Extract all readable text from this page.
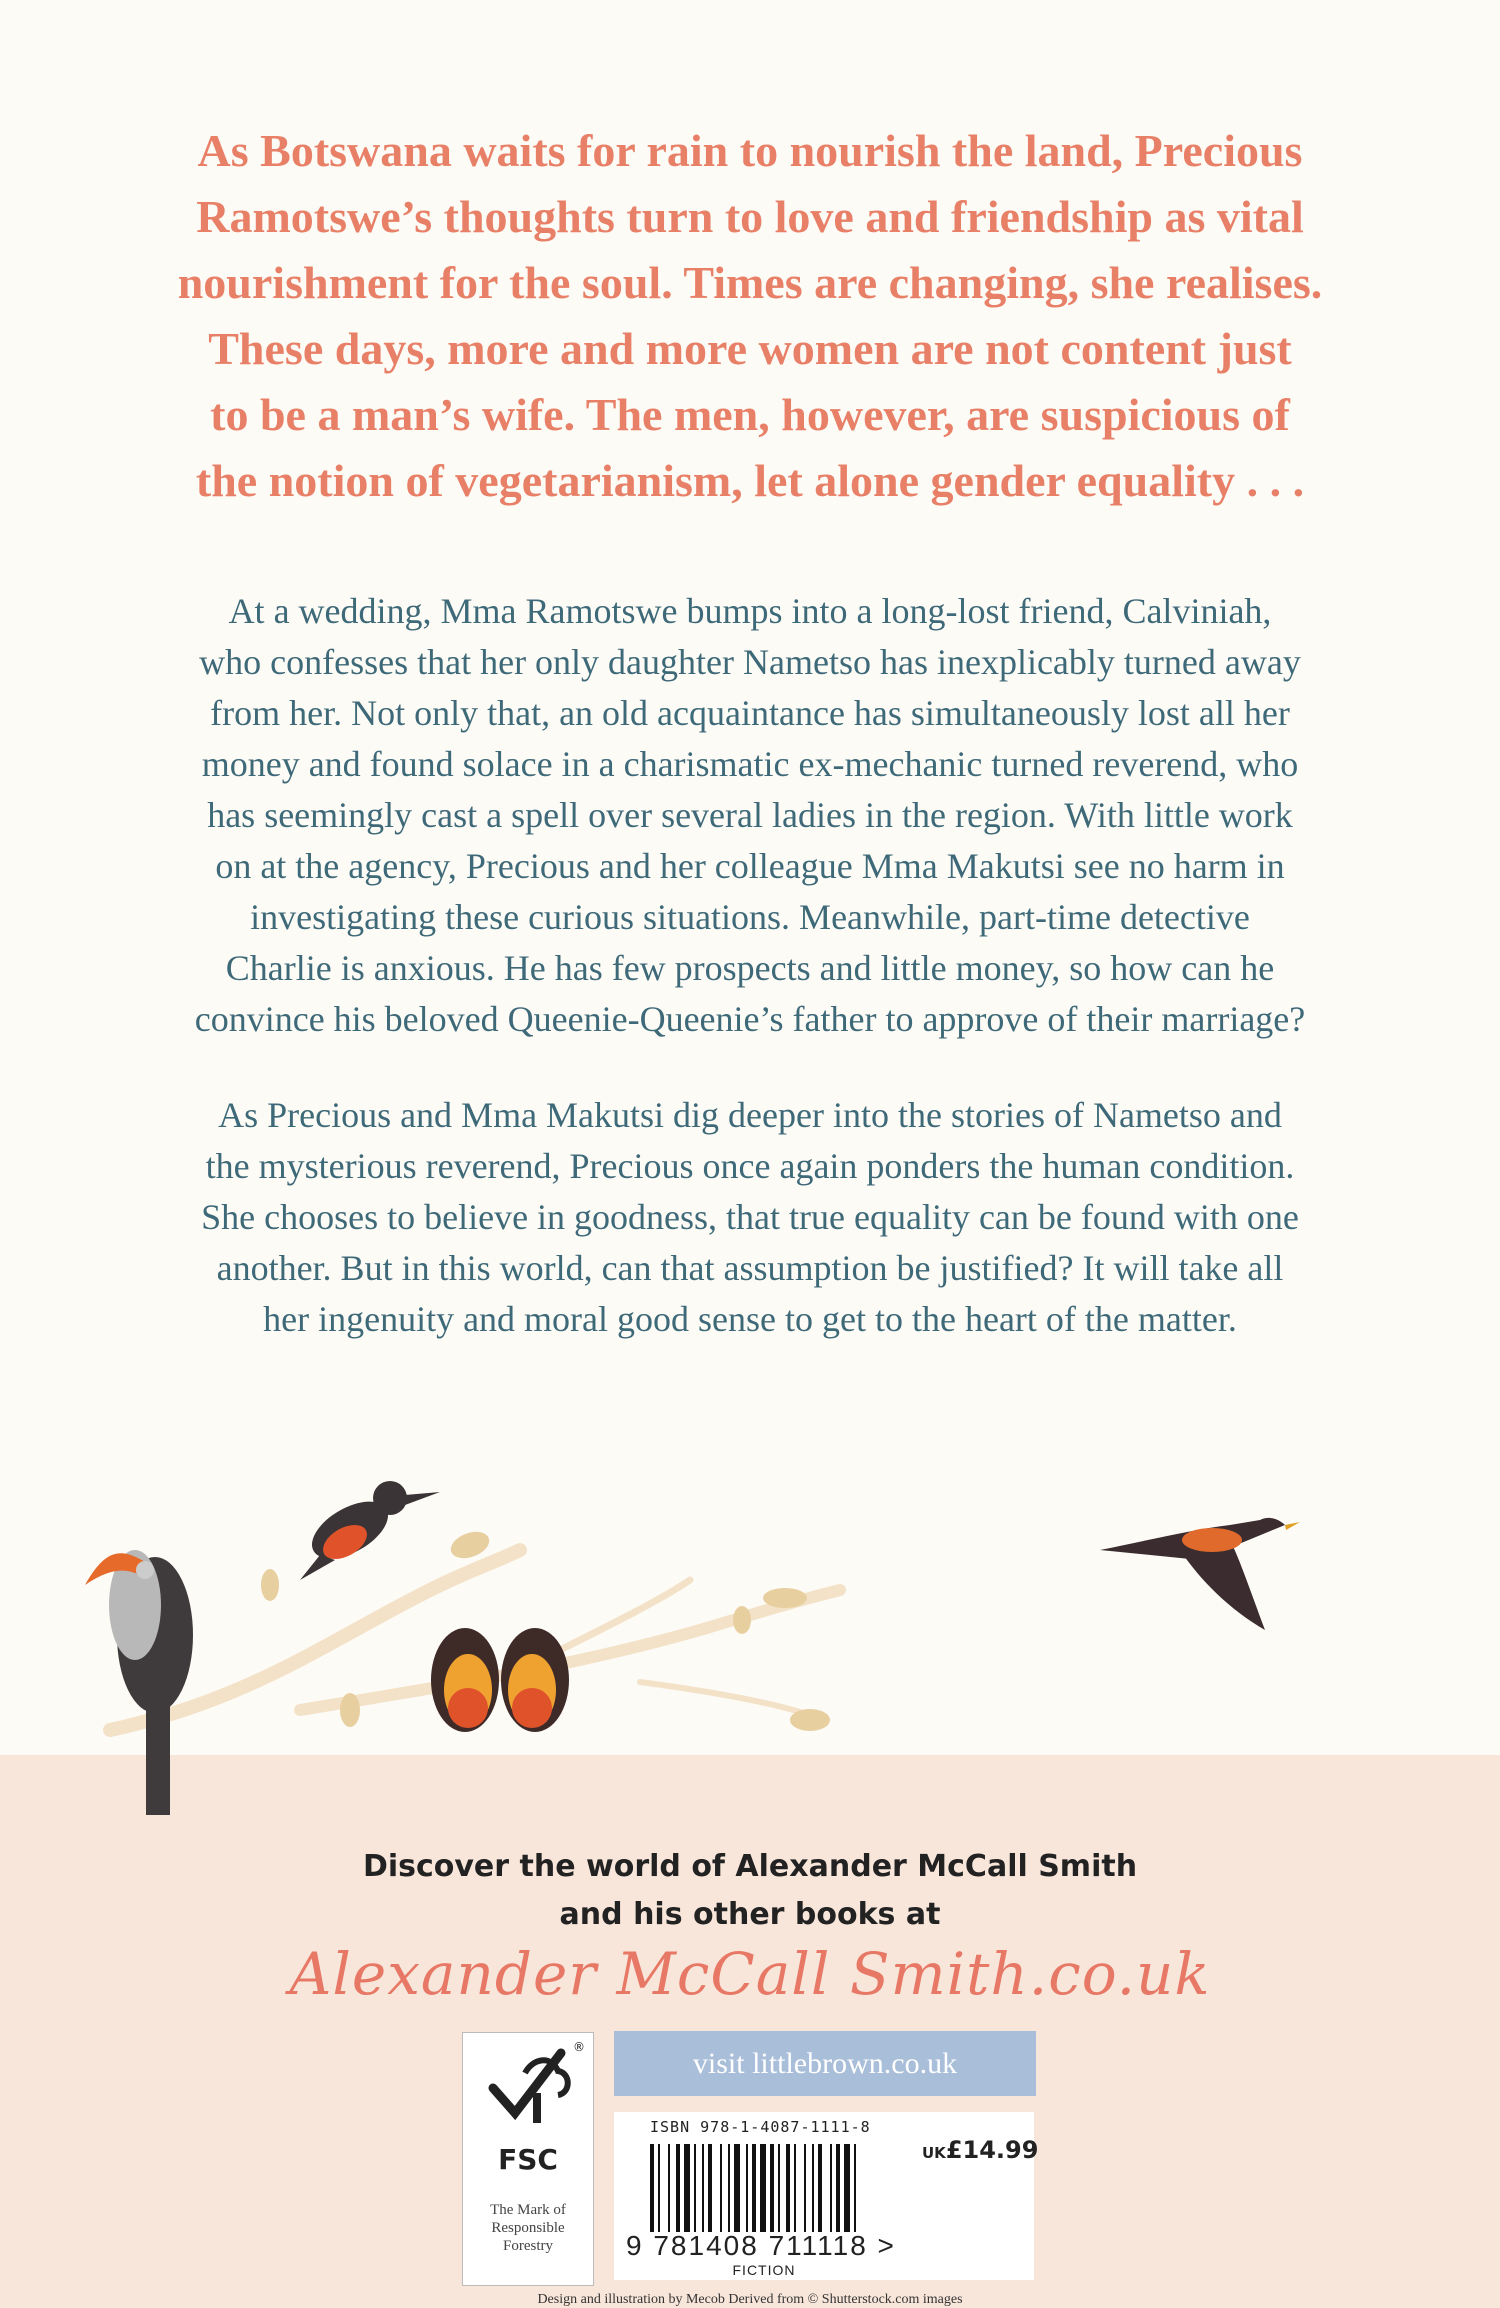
As Botswana waits for rain to nourish the land, Precious
Ramotswe’s thoughts turn to love and friendship as vital
nourishment for the soul. Times are changing, she realises.
These days, more and more women are not content just
to be a man’s wife. The men, however, are suspicious of
the notion of vegetarianism, let alone gender equality . . .
At a wedding, Mma Ramotswe bumps into a long-lost friend, Calviniah,
who confesses that her only daughter Nametso has inexplicably turned away
from her. Not only that, an old acquaintance has simultaneously lost all her
money and found solace in a charismatic ex-mechanic turned reverend, who
has seemingly cast a spell over several ladies in the region. With little work
on at the agency, Precious and her colleague Mma Makutsi see no harm in
investigating these curious situations. Meanwhile, part-time detective
Charlie is anxious. He has few prospects and little money, so how can he
convince his beloved Queenie-Queenie’s father to approve of their marriage?
As Precious and Mma Makutsi dig deeper into the stories of Nametso and
the mysterious reverend, Precious once again ponders the human condition.
She chooses to believe in goodness, that true equality can be found with one
another. But in this world, can that assumption be justified? It will take all
her ingenuity and moral good sense to get to the heart of the matter.
Discover the world of Alexander McCall Smith
and his other books at
Alexander McCall Smith.co.uk
®
FSC
The Mark of
Responsible
Forestry
visit littlebrown.co.uk
ISBN 978-1-4087-1111-8
UK£14.99
9 781408 711118 >
FICTION
Design and illustration by Mecob Derived from © Shutterstock.com images
